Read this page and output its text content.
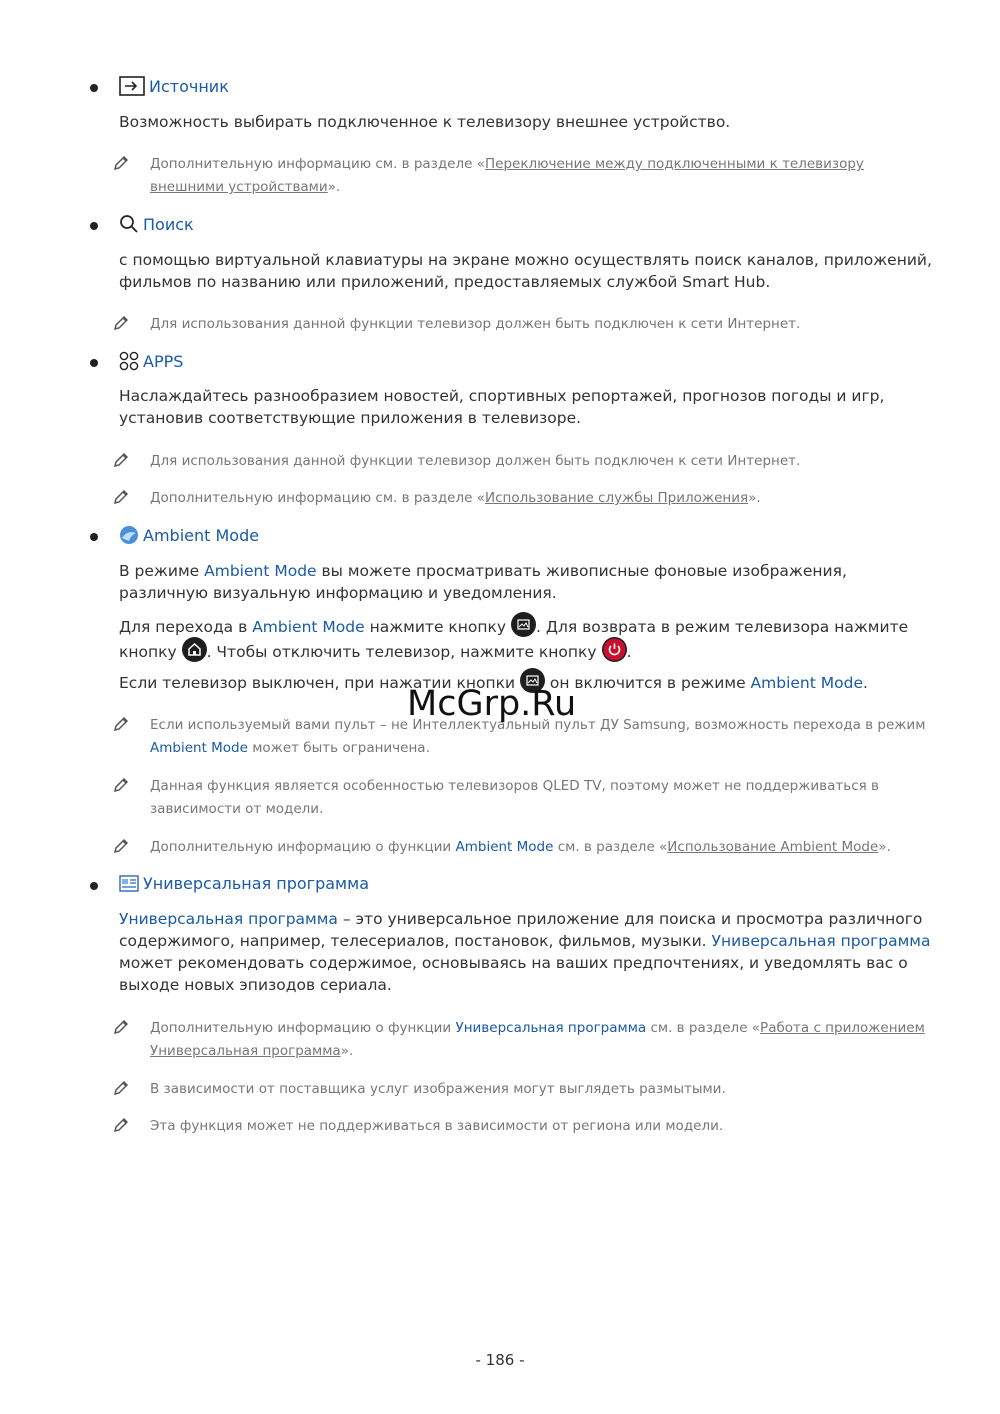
Источник
Возможность выбирать подключенное к телевизору внешнее устройство.
Дополнительную информацию см. в разделе «Переключение между подключенными к телевизору внешними устройствами».
Поиск
с помощью виртуальной клавиатуры на экране можно осуществлять поиск каналов, приложений, фильмов по названию или приложений, предоставляемых службой Smart Hub.
Для использования данной функции телевизор должен быть подключен к сети Интернет.
APPS
Наслаждайтесь разнообразием новостей, спортивных репортажей, прогнозов погоды и игр, установив соответствующие приложения в телевизоре.
Для использования данной функции телевизор должен быть подключен к сети Интернет.
Дополнительную информацию см. в разделе «Использование службы Приложения».
Ambient Mode
В режиме Ambient Mode вы можете просматривать живописные фоновые изображения, различную визуальную информацию и уведомления.
Для перехода в Ambient Mode нажмите кнопку
. Для возврата в режим телевизора нажмите кнопку
. Чтобы отключить телевизор, нажмите кнопку
.
Если телевизор выключен, при нажатии кнопки
он включится в режиме Ambient Mode.
Если используемый вами пульт – не Интеллектуальный пульт ДУ Samsung, возможность перехода в режим Ambient Mode может быть ограничена.
Данная функция является особенностью телевизоров QLED TV, поэтому может не поддерживаться в зависимости от модели.
Дополнительную информацию о функции Ambient Mode см. в разделе «Использование Ambient Mode».
Универсальная программа
Универсальная программа – это универсальное приложение для поиска и просмотра различного содержимого, например, телесериалов, постановок, фильмов, музыки. Универсальная программа может рекомендовать содержимое, основываясь на ваших предпочтениях, и уведомлять вас о выходе новых эпизодов сериала.
Дополнительную информацию о функции Универсальная программа см. в разделе «Работа с приложением Универсальная программа».
В зависимости от поставщика услуг изображения могут выглядеть размытыми.
Эта функция может не поддерживаться в зависимости от региона или модели.
McGrp.Ru
- 186 -
